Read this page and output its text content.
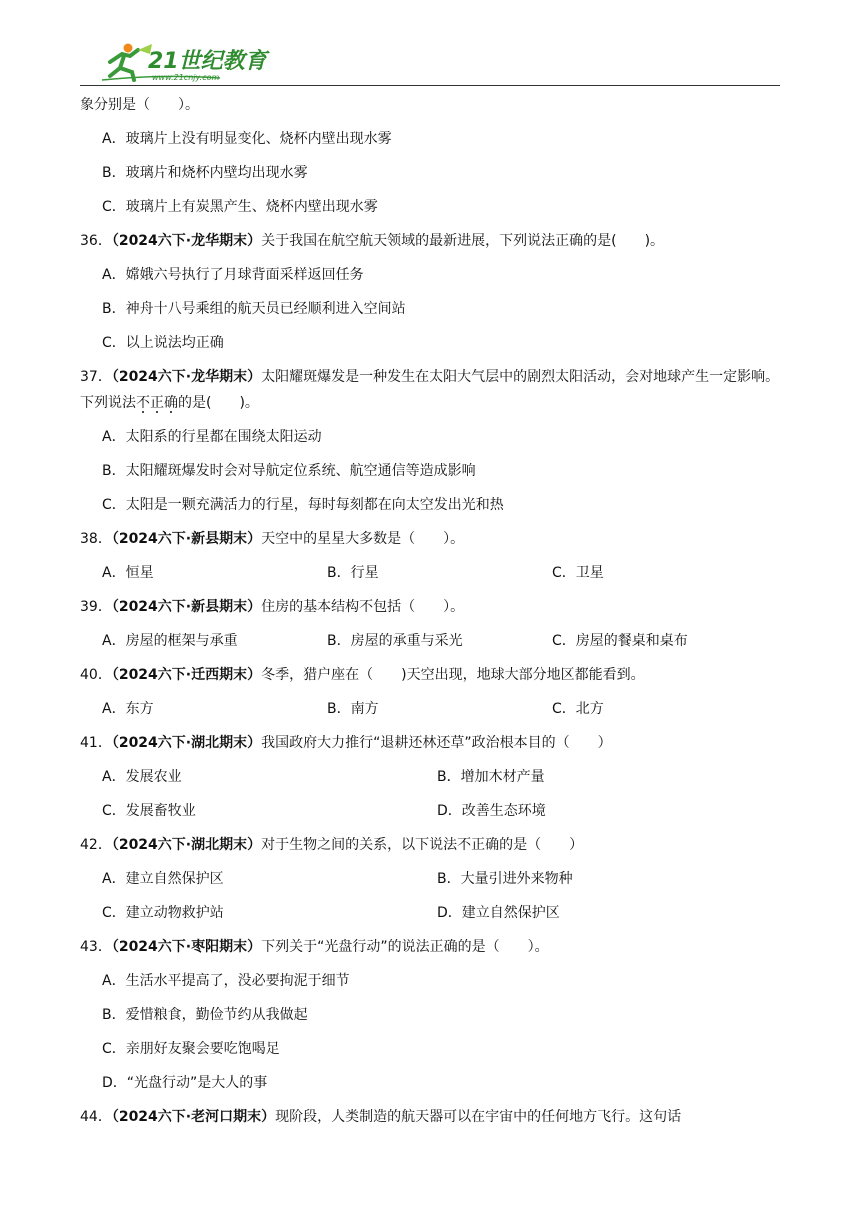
21世纪教育
www.21cnjy.com
象分别是（　　）。
A．玻璃片上没有明显变化、烧杯内壁出现水雾
B．玻璃片和烧杯内壁均出现水雾
C．玻璃片上有炭黑产生、烧杯内壁出现水雾
36．（2024六下·龙华期末）关于我国在航空航天领域的最新进展，下列说法正确的是(　　)。
A．嫦娥六号执行了月球背面采样返回任务
B．神舟十八号乘组的航天员已经顺利进入空间站
C．以上说法均正确
37．（2024六下·龙华期末）太阳耀斑爆发是一种发生在太阳大气层中的剧烈太阳活动，会对地球产生一定影响。下列说法不正确的是(　　)。
A．太阳系的行星都在围绕太阳运动
B．太阳耀斑爆发时会对导航定位系统、航空通信等造成影响
C．太阳是一颗充满活力的行星，每时每刻都在向太空发出光和热
38．（2024六下·新县期末）天空中的星星大多数是（　　）。
A．恒星	B．行星	C．卫星
39．（2024六下·新县期末）住房的基本结构不包括（　　）。
A．房屋的框架与承重	B．房屋的承重与采光	C．房屋的餐桌和桌布
40．（2024六下·迁西期末）冬季，猎户座在（　　)天空出现，地球大部分地区都能看到。
A．东方	B．南方	C．北方
41．（2024六下·湖北期末）我国政府大力推行“退耕还林还草”政治根本目的（　　）
A．发展农业	B．增加木材产量
C．发展畜牧业	D．改善生态环境
42．（2024六下·湖北期末）对于生物之间的关系，以下说法不正确的是（　　）
A．建立自然保护区	B．大量引进外来物种
C．建立动物救护站	D．建立自然保护区
43．（2024六下·枣阳期末）下列关于“光盘行动”的说法正确的是（　　）。
A．生活水平提高了，没必要拘泥于细节
B．爱惜粮食，勤俭节约从我做起
C．亲朋好友聚会要吃饱喝足
D．“光盘行动”是大人的事
44．（2024六下·老河口期末）现阶段，人类制造的航天器可以在宇宙中的任何地方飞行。这句话
